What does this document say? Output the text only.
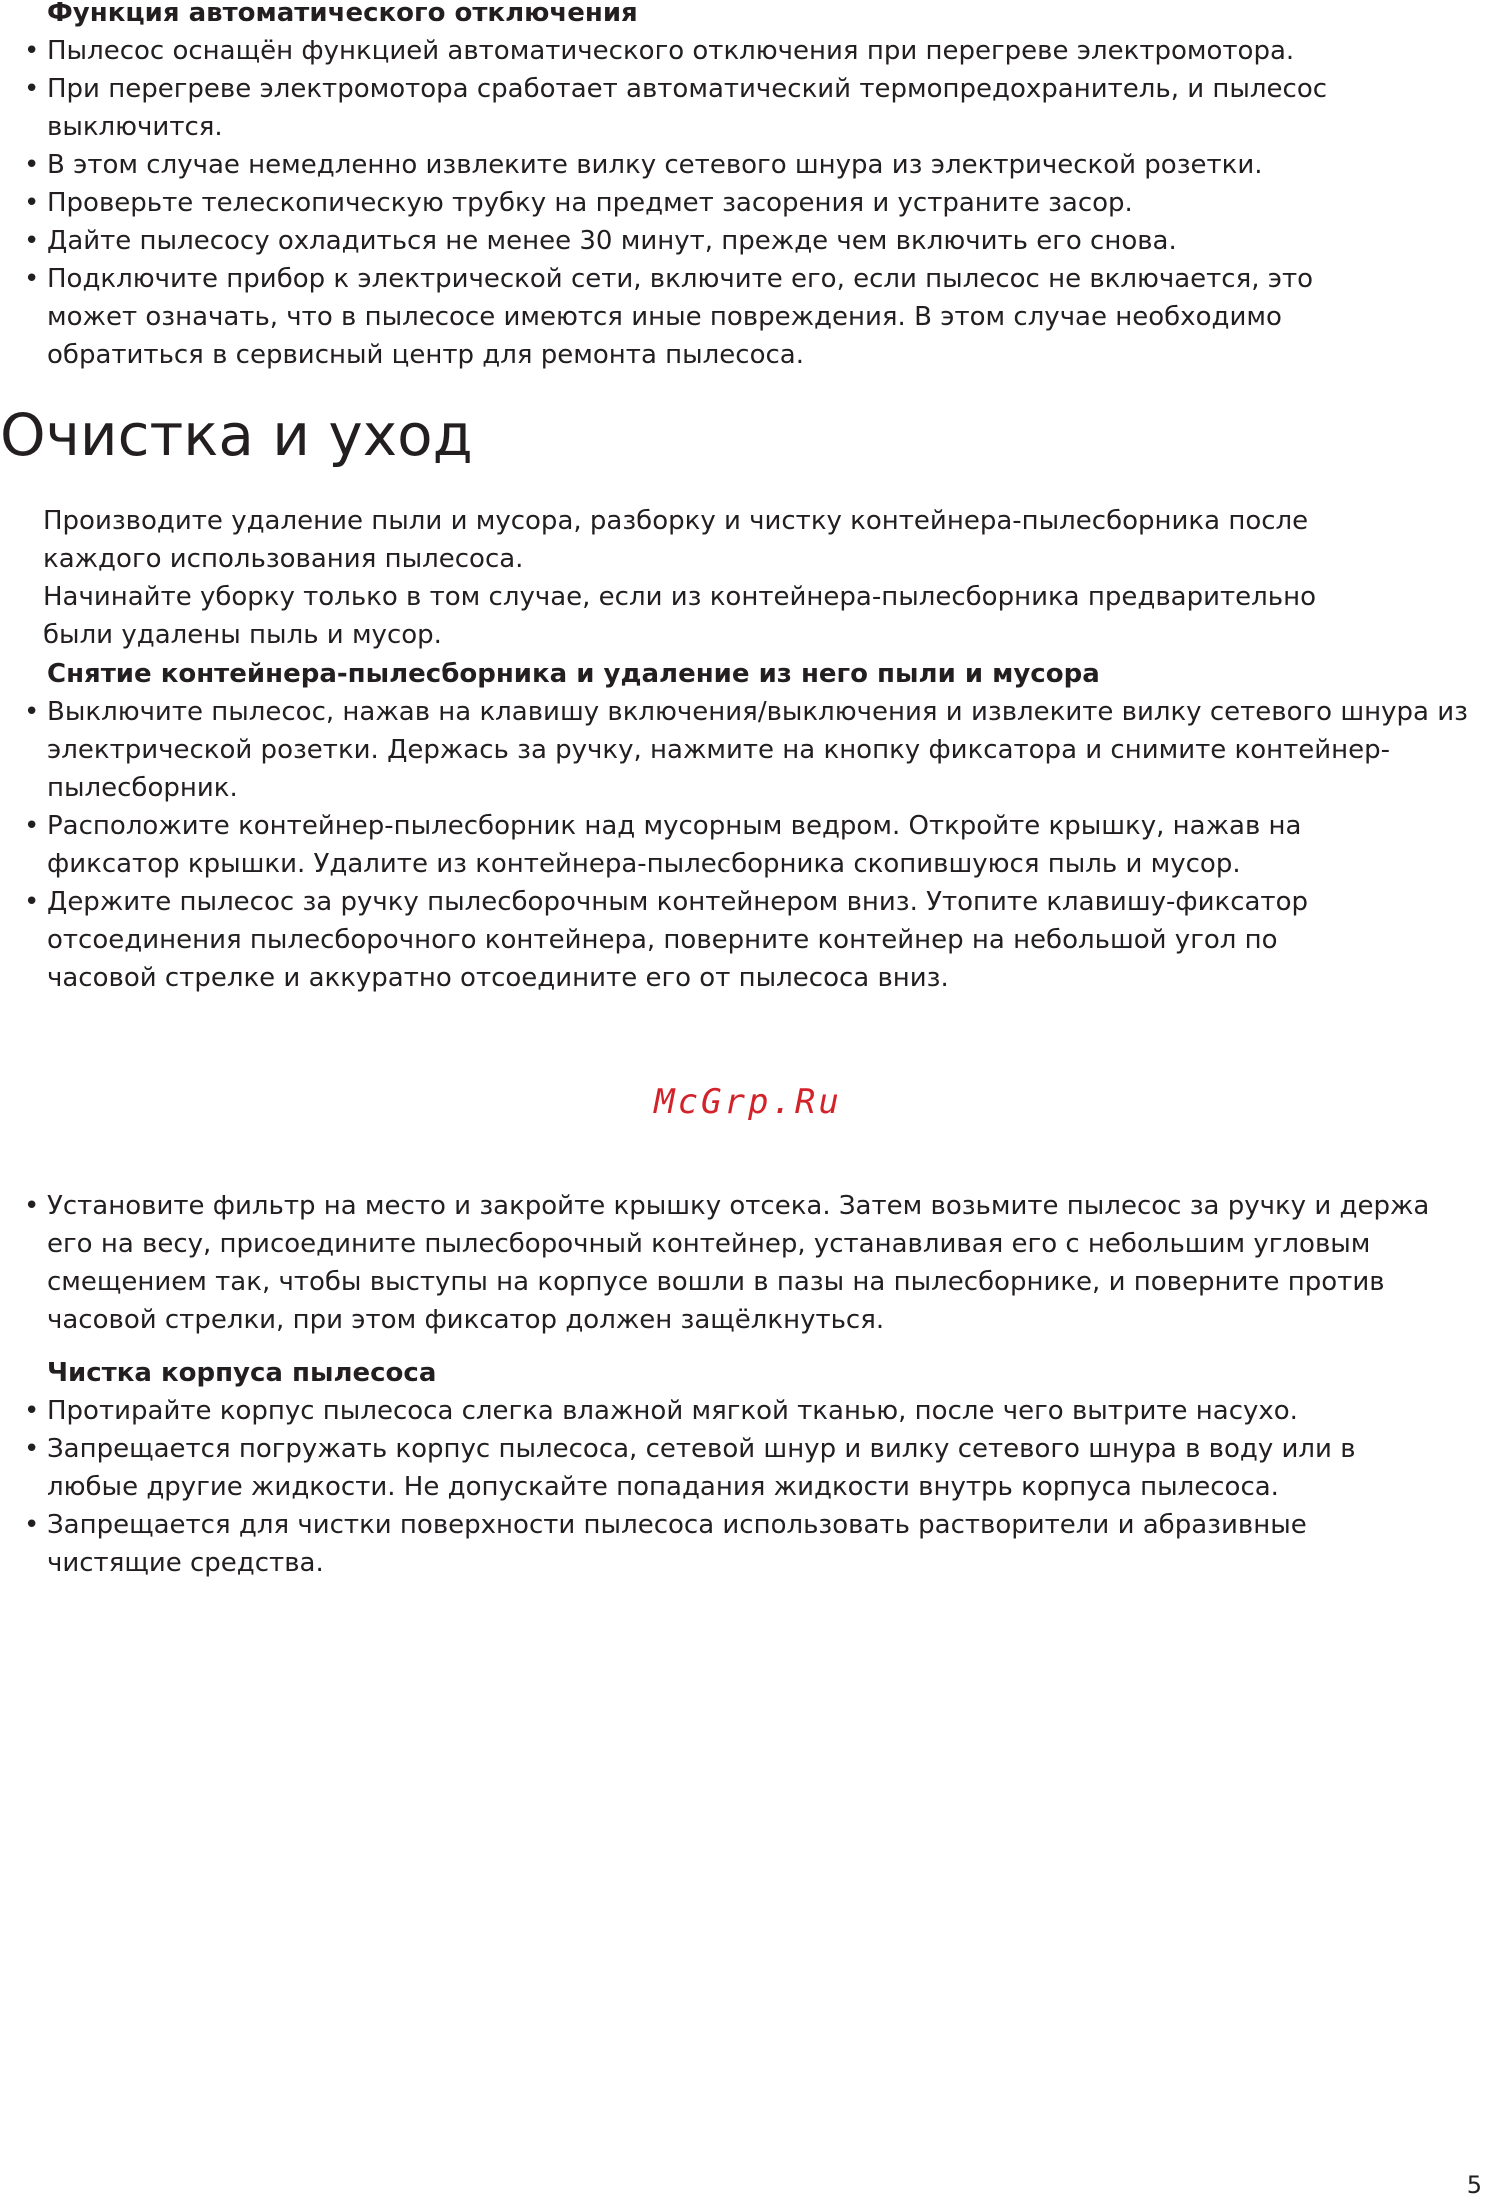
Функция автоматического отключения

• Пылесос оснащён функцией автоматического отключения при перегреве электромотора.
• При перегреве электромотора сработает автоматический термопредохранитель, и пылесос выключится.
• В этом случае немедленно извлеките вилку сетевого шнура из электрической розетки.
• Проверьте телескопическую трубку на предмет засорения и устраните засор.
• Дайте пылесосу охладиться не менее 30 минут, прежде чем включить его снова.
• Подключите прибор к электрической сети, включите его, если пылесос не включается, это может означать, что в пылесосе имеются иные повреждения. В этом случае необходимо обратиться в сервисный центр для ремонта пылесоса.
Очистка и уход

Производите удаление пыли и мусора, разборку и чистку контейнера-пылесборника после каждого использования пылесоса.

Начинайте уборку только в том случае, если из контейнера-пылесборника предварительно были удалены пыль и мусор.

Снятие контейнера-пылесборника и удаление из него пыли и мусора

• Выключите пылесос, нажав на клавишу включения/выключения и извлеките вилку сетевого шнура из электрической розетки. Держась за ручку, нажмите на кнопку фиксатора и снимите контейнер-пылесборник.
• Расположите контейнер-пылесборник над мусорным ведром. Откройте крышку, нажав на фиксатор крышки. Удалите из контейнера-пылесборника скопившуюся пыль и мусор.
• Держите пылесос за ручку пылесборочным контейнером вниз. Утопите клавишу-фиксатор отсоединения пылесборочного контейнера, поверните контейнер на небольшой угол по часовой стрелке и аккуратно отсоедините его от пылесоса вниз.
McGrp.Ru
• Установите фильтр на место и закройте крышку отсека. Затем возьмите пылесос за ручку и держа его на весу, присоедините пылесборочный контейнер, устанавливая его с небольшим угловым смещением так, чтобы выступы на корпусе вошли в пазы на пылесборнике, и поверните против часовой стрелки, при этом фиксатор должен защёлкнуться.

Чистка корпуса пылесоса

• Протирайте корпус пылесоса слегка влажной мягкой тканью, после чего вытрите насухо.
• Запрещается погружать корпус пылесоса, сетевой шнур и вилку сетевого шнура в воду или в любые другие жидкости. Не допускайте попадания жидкости внутрь корпуса пылесоса.
• Запрещается для чистки поверхности пылесоса использовать растворители и абразивные чистящие средства.
5
